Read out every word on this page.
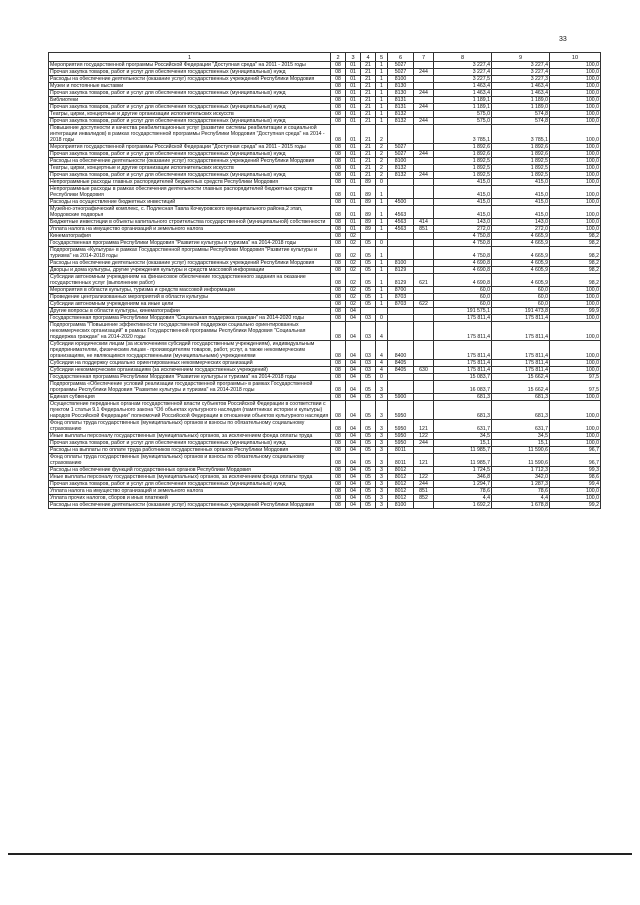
33
1	2	3	4	5	6	7	8	9	10
Мероприятия государственной программы Российской Федерации "Доступная среда" на 2011 - 2015 годы	08	01	21	1	5027		3 227,4	3 227,4	100,0
Прочая закупка товаров, работ и услуг для обеспечения государственных (муниципальных) нужд	08	01	21	1	5027	244	3 227,4	3 227,4	100,0
Расходы на обеспечение деятельности (оказание услуг) государственных учреждений Республики Мордовия	08	01	21	1	8100		3 227,5	3 227,3	100,0
Музеи и постоянные выставки	08	01	21	1	8130		1 463,4	1 463,4	100,0
Прочая закупка товаров, работ и услуг для обеспечения государственных (муниципальных) нужд	08	01	21	1	8130	244	1 463,4	1 463,4	100,0
Библиотеки	08	01	21	1	8131		1 189,1	1 189,0	100,0
Прочая закупка товаров, работ и услуг для обеспечения государственных (муниципальных) нужд	08	01	21	1	8131	244	1 189,1	1 189,0	100,0
Театры, цирки, концертные и другие организации исполнительских искусств	08	01	21	1	8132		575,0	574,8	100,0
Прочая закупка товаров, работ и услуг для обеспечения государственных (муниципальных) нужд	08	01	21	1	8132	244	575,0	574,8	100,0
Повышение доступности и качества реабилитационных услуг (развитие системы реабилитации и социальной интеграции инвалидов) в рамках государственной программы Республики Мордовия "Доступная среда" на 2014 - 2018 годы	08	01	21	2			3 785,1	3 785,1	100,0
Мероприятия государственной программы Российской Федерации "Доступная среда" на 2011 - 2015 годы	08	01	21	2	5027		1 892,6	1 892,6	100,0
Прочая закупка товаров, работ и услуг для обеспечения государственных (муниципальных) нужд	08	01	21	2	5027	244	1 892,6	1 892,6	100,0
Расходы на обеспечение деятельности (оказание услуг) государственных учреждений Республики Мордовия	08	01	21	2	8100		1 892,5	1 892,5	100,0
Театры, цирки, концертные и другие организации исполнительских искусств	08	01	21	2	8132		1 892,5	1 892,5	100,0
Прочая закупка товаров, работ и услуг для обеспечения государственных (муниципальных) нужд	08	01	21	2	8132	244	1 892,5	1 892,5	100,0
Непрограммные расходы главных распорядителей бюджетных средств Республики Мордовия	08	01	89	0			415,0	415,0	100,0
Непрограммные расходы в рамках обеспечения деятельности главных распорядителей бюджетных средств Республики Мордовия	08	01	89	1			415,0	415,0	100,0
Расходы на осуществление бюджетных инвестиций	08	01	89	1	4500		415,0	415,0	100,0
Музейно-этнографический комплекс, с. Подлесная Тавла Кочкуровского муниципального района,2 этап, Мордовские подворья	08	01	89	1	4563		415,0	415,0	100,0
Бюджетные инвестиции в объекты капитального строительства государственной (муниципальной) собственности	08	01	89	1	4563	414	143,0	143,0	100,0
Уплата налога на имущество организаций и земельного налога	08	01	89	1	4563	851	272,0	272,0	100,0
Кинематография	08	02					4 750,8	4 665,9	98,2
Государственная программа Республики Мордовия "Развитие культуры и туризма" на 2014-2018 годы	08	02	05	0			4 750,8	4 665,9	98,2
Подпрограмма «Культура» в рамках Государственной программы Республики Мордовия "Развитие культуры и туризма" на 2014-2018 годы	08	02	05	1			4 750,8	4 665,9	98,2
Расходы на обеспечение деятельности (оказание услуг) государственных учреждений Республики Мордовия	08	02	05	1	8100		4 690,8	4 605,9	98,2
Дворцы и дома культуры, другие учреждения культуры и средств массовой информации	08	02	05	1	8129		4 690,8	4 605,9	98,2
Субсидии автономным учреждениям на финансовое обеспечение государственного задания на оказание государственных услуг (выполнение работ)	08	02	05	1	8129	621	4 690,8	4 605,9	98,2
Мероприятия в области культуры, туризма и средств массовой информации	08	02	05	1	8700		60,0	60,0	100,0
Проведение централизованных мероприятий в области культуры	08	02	05	1	8703		60,0	60,0	100,0
Субсидии автономным учреждениям на иные цели	08	02	05	1	8703	622	60,0	60,0	100,0
Другие вопросы в области культуры, кинематографии	08	04					191 575,1	191 473,8	99,9
Государственная программа Республики Мордовия "Социальная поддержка граждан" на 2014-2020 годы	08	04	03	0			175 811,4	175 811,4	100,0
Подпрограмма "Повышение эффективности государственной поддержки социально ориентированных некоммерческих организаций" в рамках Государственной программы Республики Мордовия "Социальная поддержка граждан" на 2014-2020 годы	08	04	03	4			175 811,4	175 811,4	100,0
Субсидии юридическим лицам (за исключением субсидий государственным учреждениям), индивидуальным предпринимателям, физическим лицам - производителям товаров, работ, услуг, а также некоммерческим организациям, не являющимся государственными (муниципальными) учреждениями	08	04	03	4	8400		175 811,4	175 811,4	100,0
Субсидии на поддержку социально ориентированных некоммерческих организаций	08	04	03	4	8405		175 811,4	175 811,4	100,0
Субсидии некоммерческим организациям (за исключением государственных учреждений)	08	04	03	4	8405	630	175 811,4	175 811,4	100,0
Государственная программа Республики Мордовия "Развитие культуры и туризма" на 2014-2018 годы	08	04	05	0			15 083,7	15 662,4	97,5
Подпрограмма «Обеспечение условий реализации государственной программы» в рамках Государственной программы Республики Мордовия "Развитие культуры и туризма" на 2014-2018 годы	08	04	05	3			16 083,7	15 662,4	97,5
Единая субвенция	08	04	05	3	5900		681,3	681,3	100,0
Осуществление переданных органам государственной власти субъектов Российской Федерации в соответствии с пунктом 1 статьи 9.1 Федерального закона "Об объектах культурного наследия (памятниках истории и культуры) народов Российской Федерации" полномочий Российской Федерации в отношении объектов культурного наследия	08	04	05	3	5950		681,3	681,3	100,0
Фонд оплаты труда государственных (муниципальных) органов и взносы по обязательному социальному страхованию	08	04	05	3	5950	121	631,7	631,7	100,0
Иные выплаты персоналу государственных (муниципальных) органов, за исключением фонда оплаты труда	08	04	05	3	5950	122	34,5	34,5	100,0
Прочая закупка товаров, работ и услуг для обеспечения государственных (муниципальных) нужд	08	04	05	3	5950	244	15,1	15,1	100,0
Расходы на выплаты по оплате труда работников государственных органов Республики Мордовия	08	04	05	3	8011		11 985,7	11 590,6	96,7
Фонд оплаты труда государственных (муниципальных) органов и взносы по обязательному социальному страхованию	08	04	05	3	8011	121	11 985,7	11 590,6	96,7
Расходы на обеспечение функций государственных органов Республики Мордовия	08	04	05	3	8012		1 724,5	1 712,3	99,3
Иные выплаты персоналу государственных (муниципальных) органов, за исключением фонда оплаты труда	08	04	05	3	8012	122	346,8	342,0	98,6
Прочая закупка товаров, работ и услуг для обеспечения государственных (муниципальных) нужд	08	04	05	3	8012	244	1 294,7	1 287,3	99,4
Уплата налога на имущество организаций и земельного налога	08	04	05	3	8012	851	78,6	78,6	100,0
Уплата прочих налогов, сборов и иных платежей	08	04	05	3	8012	852	4,4	4,4	100,0
Расходы на обеспечение деятельности (оказание услуг) государственных учреждений Республики Мордовия	08	04	05	3	8100		1 692,2	1 678,8	99,2
